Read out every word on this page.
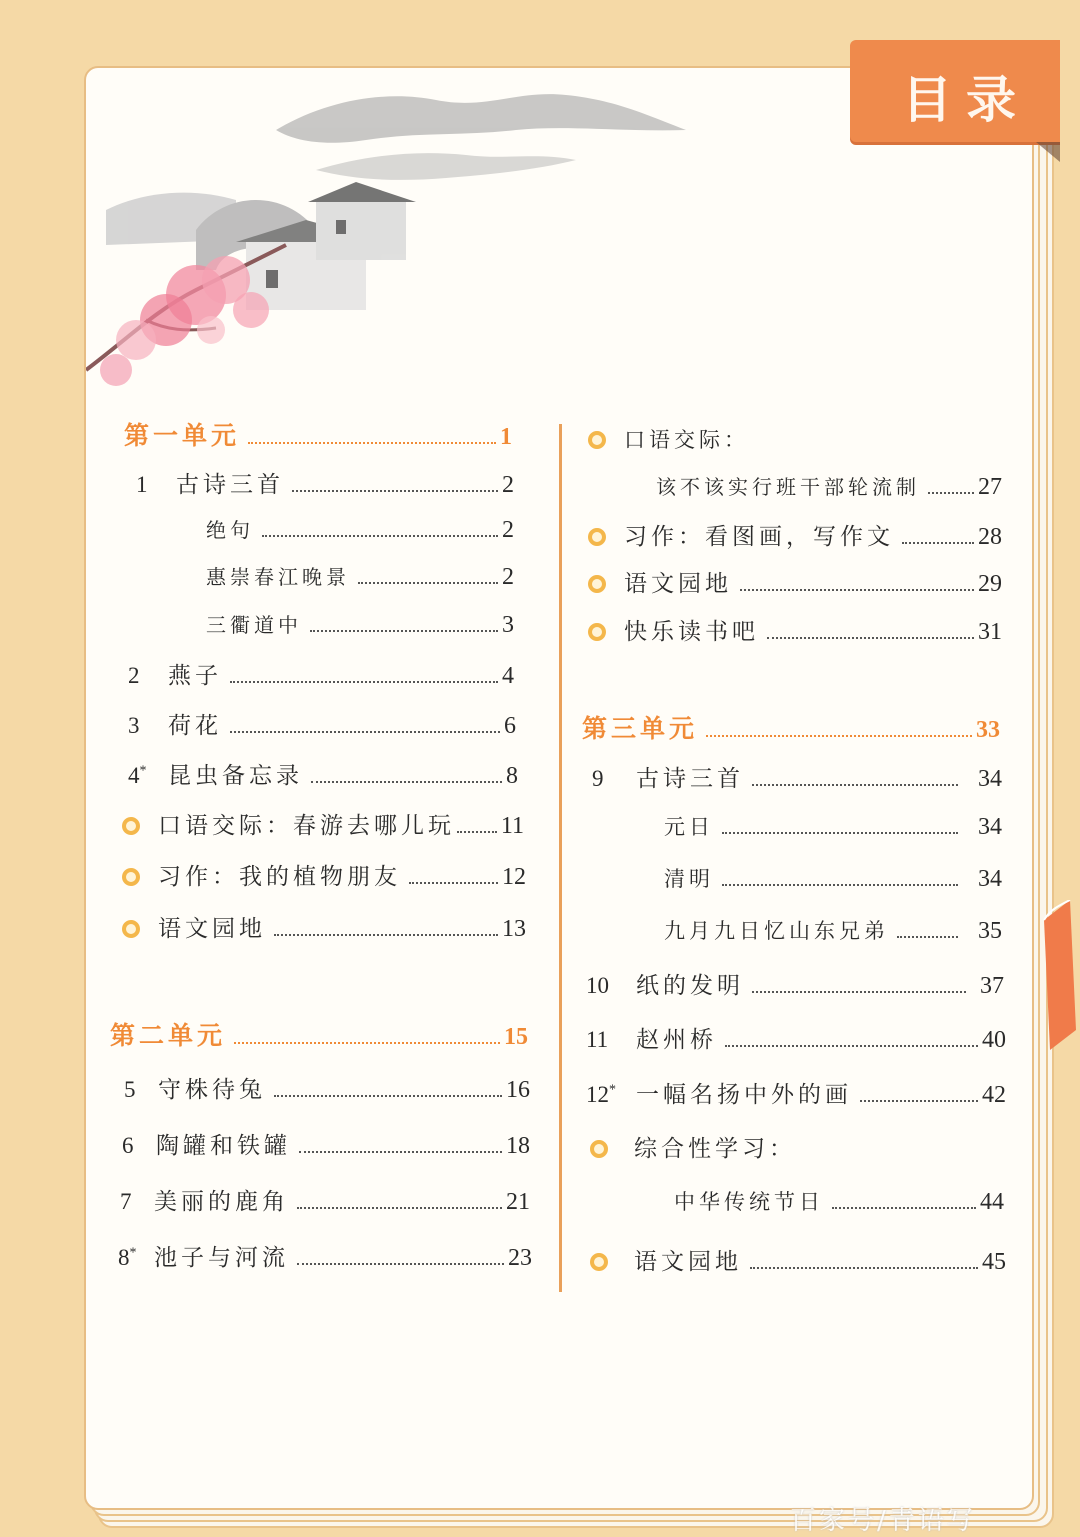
目录
第一单元	1
1	古诗三首	2
绝句	2
惠崇春江晚景	2
三衢道中	3
2	燕子	4
3	荷花	6
4* 昆虫备忘录	8
口语交际：春游去哪儿玩 11
习作：我的植物朋友	12
语文园地	13
第二单元	15
5 守株待兔	16
6 陶罐和铁罐	18
7 美丽的鹿角	21
8* 池子与河流	23
口语交际：
该不该实行班干部轮流制 27
习作：看图画，写作文	28
语文园地	29
快乐读书吧	31
第三单元	33
9	古诗三首	34
元日	34
清明	34
九月九日忆山东兄弟	35
10	纸的发明	37
11	赵州桥	40
12* 一幅名扬中外的画	42
综合性学习：
中华传统节日	44
语文园地	45
百家号/青语写
